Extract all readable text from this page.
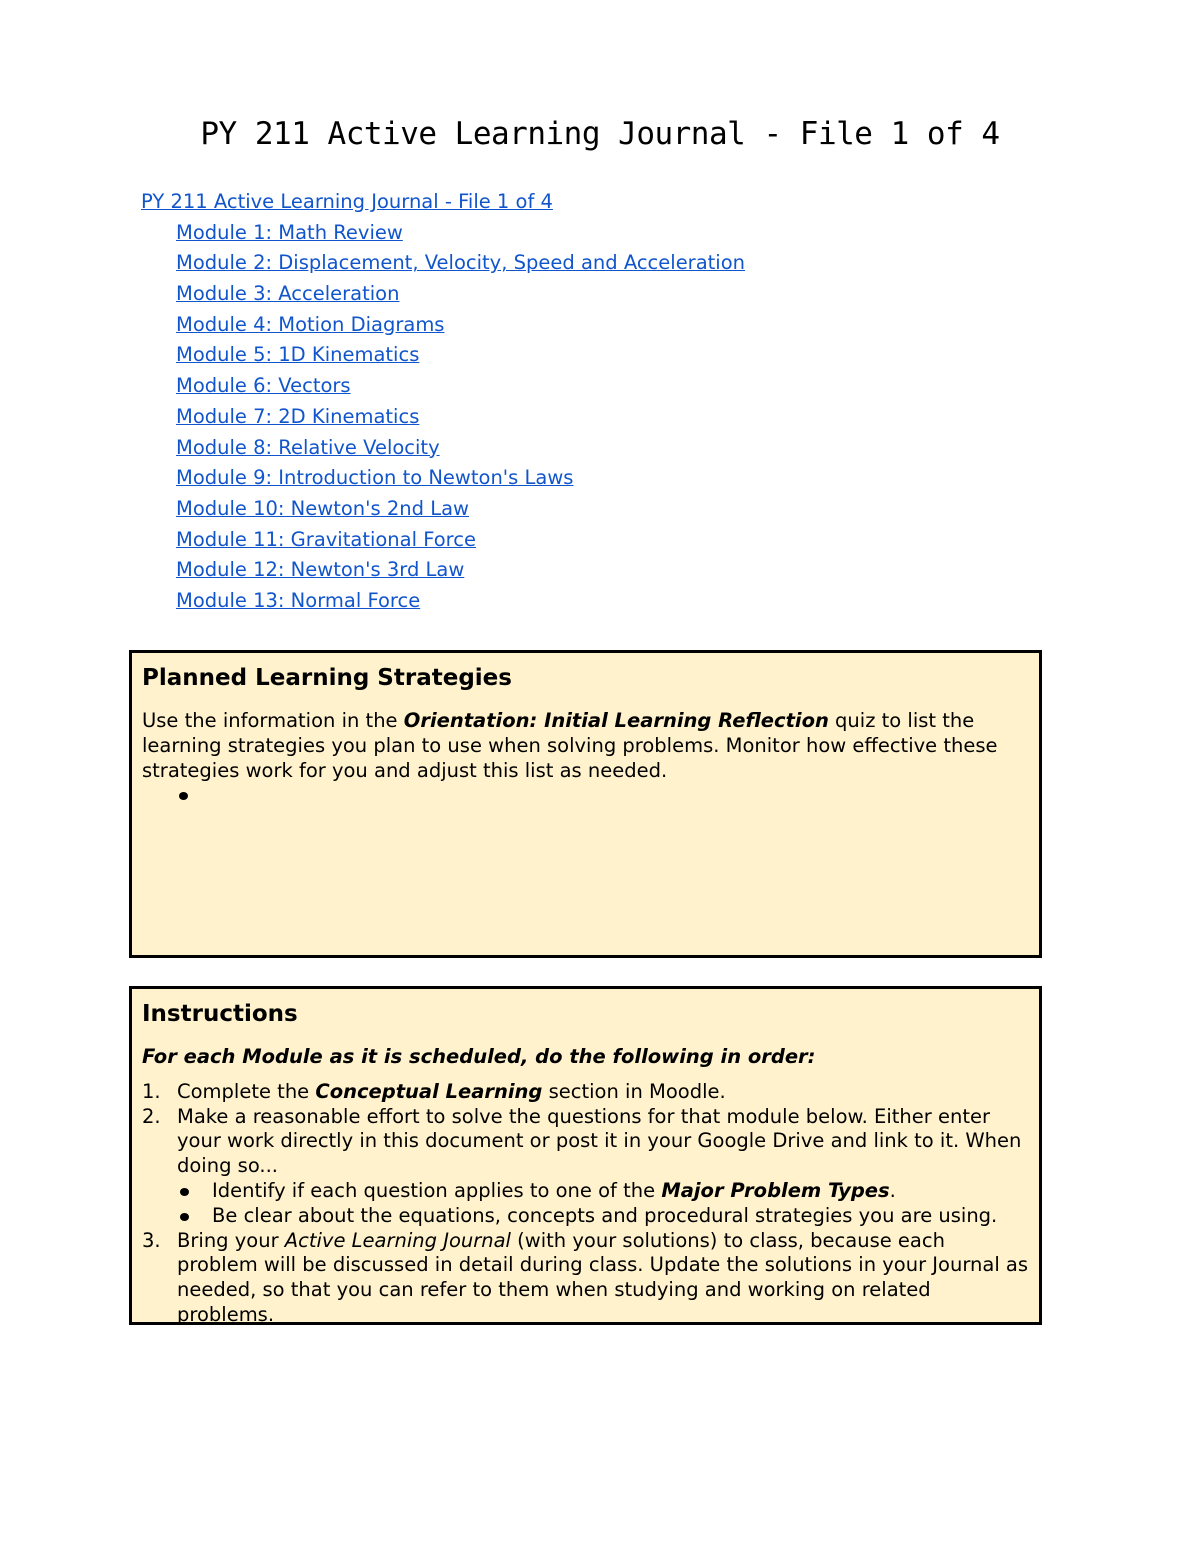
PY 211 Active Learning Journal - File 1 of 4
PY 211 Active Learning Journal - File 1 of 4
Module 1: Math Review
Module 2: Displacement, Velocity, Speed and Acceleration
Module 3: Acceleration
Module 4: Motion Diagrams
Module 5: 1D Kinematics
Module 6: Vectors
Module 7: 2D Kinematics
Module 8: Relative Velocity
Module 9: Introduction to Newton's Laws
Module 10: Newton's 2nd Law
Module 11: Gravitational Force
Module 12: Newton's 3rd Law
Module 13: Normal Force
Planned Learning Strategies

Use the information in the Orientation: Initial Learning Reflection quiz to list the learning strategies you plan to use when solving problems. Monitor how effective these strategies work for you and adjust this list as needed.

Instructions

For each Module as it is scheduled, do the following in order:

1. Complete the Conceptual Learning section in Moodle.
2. Make a reasonable effort to solve the questions for that module below. Either enter your work directly in this document or post it in your Google Drive and link to it. When doing so...
Identify if each question applies to one of the Major Problem Types.
Be clear about the equations, concepts and procedural strategies you are using.
3. Bring your Active Learning Journal (with your solutions) to class, because each problem will be discussed in detail during class. Update the solutions in your Journal as needed, so that you can refer to them when studying and working on related problems.
